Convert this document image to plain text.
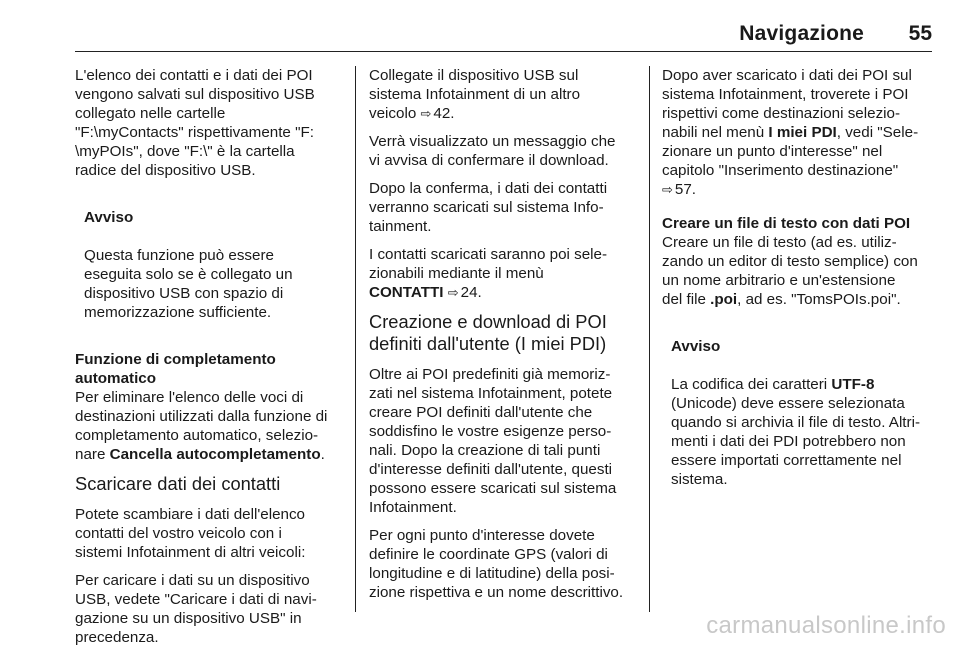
Navigazione	55

L'elenco dei contatti e i dati dei POI
vengono salvati sul dispositivo USB
collegato nelle cartelle
"F:\myContacts" rispettivamente "F:
\myPOIs", dove "F:\" è la cartella
radice del dispositivo USB.

Avviso

Questa funzione può essere
eseguita solo se è collegato un
dispositivo USB con spazio di
memorizzazione sufficiente.

Funzione di completamento
automatico

Per eliminare l'elenco delle voci di
destinazioni utilizzati dalla funzione di
completamento automatico, selezio-
nare Cancella autocompletamento.

Scaricare dati dei contatti

Potete scambiare i dati dell'elenco
contatti del vostro veicolo con i
sistemi Infotainment di altri veicoli:

Per caricare i dati su un dispositivo
USB, vedete "Caricare i dati di navi-
gazione su un dispositivo USB" in
precedenza.

Collegate il dispositivo USB sul
sistema Infotainment di un altro
veicolo ⇨ 42.

Verrà visualizzato un messaggio che
vi avvisa di confermare il download.

Dopo la conferma, i dati dei contatti
verranno scaricati sul sistema Info-
tainment.

I contatti scaricati saranno poi sele-
zionabili mediante il menù
CONTATTI ⇨ 24.

Creazione e download di POI
definiti dall'utente (I miei PDI)

Oltre ai POI predefiniti già memoriz-
zati nel sistema Infotainment, potete
creare POI definiti dall'utente che
soddisfino le vostre esigenze perso-
nali. Dopo la creazione di tali punti
d'interesse definiti dall'utente, questi
possono essere scaricati sul sistema
Infotainment.

Per ogni punto d'interesse dovete
definire le coordinate GPS (valori di
longitudine e di latitudine) della posi-
zione rispettiva e un nome descrittivo.

Dopo aver scaricato i dati dei POI sul
sistema Infotainment, troverete i POI
rispettivi come destinazioni selezio-
nabili nel menù I miei PDI, vedi "Sele-
zionare un punto d'interesse" nel
capitolo "Inserimento destinazione"
⇨ 57.

Creare un file di testo con dati POI

Creare un file di testo (ad es. utiliz-
zando un editor di testo semplice) con
un nome arbitrario e un'estensione
del file .poi, ad es. "TomsPOIs.poi".

Avviso

La codifica dei caratteri UTF-8
(Unicode) deve essere selezionata
quando si archivia il file di testo. Altri-
menti i dati dei PDI potrebbero non
essere importati correttamente nel
sistema.

carmanualsonline.info
